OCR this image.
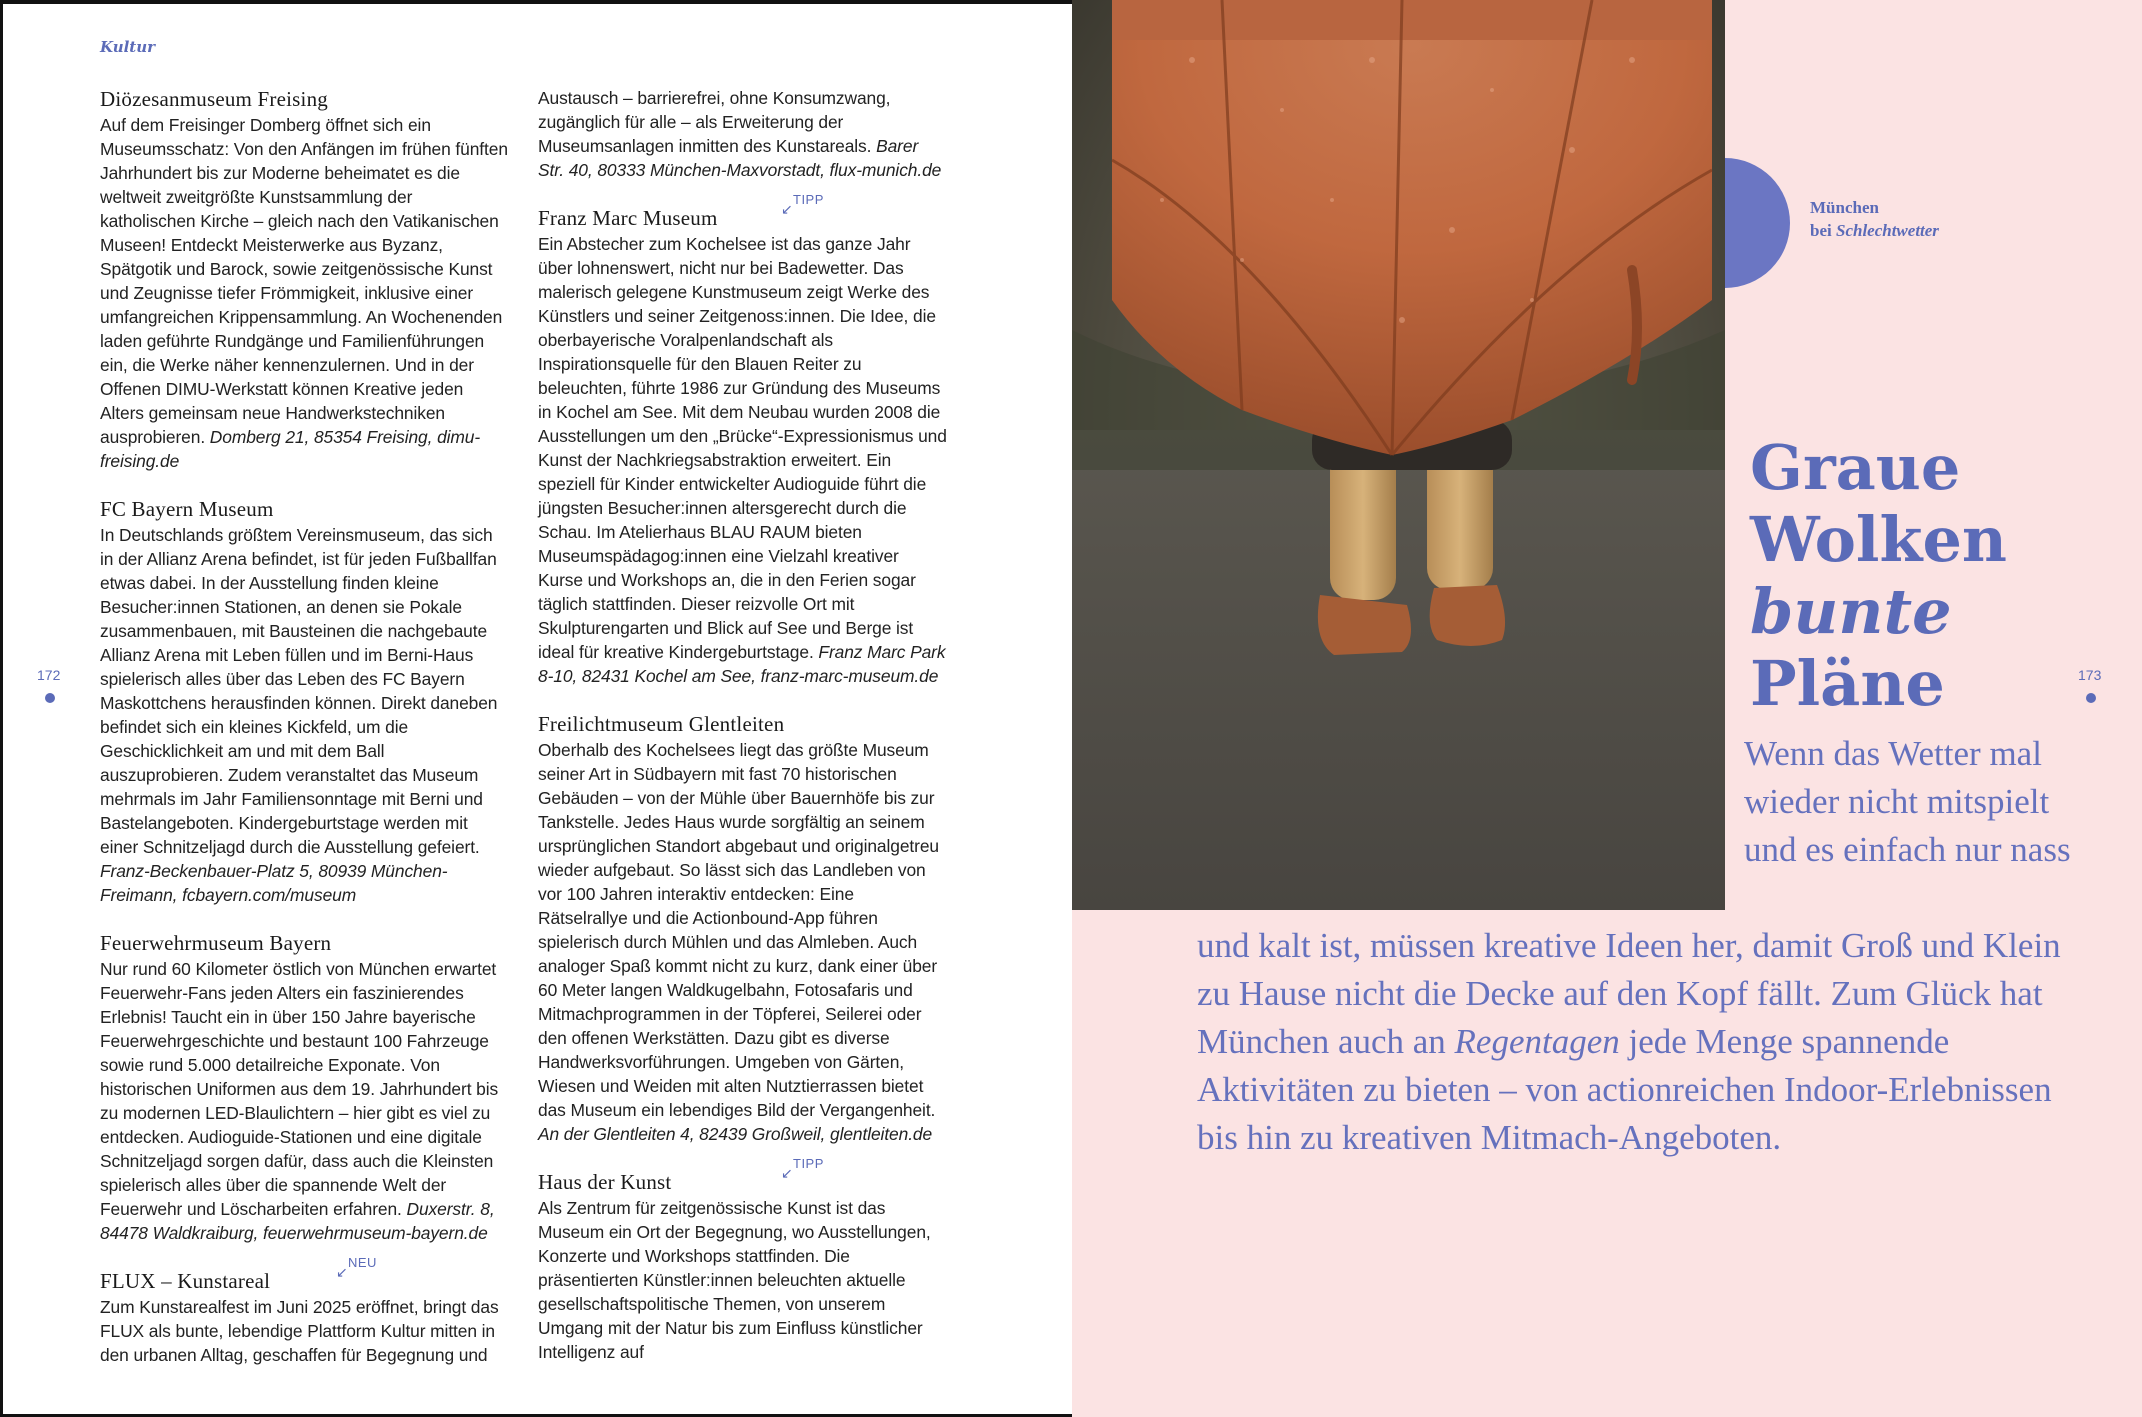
Kultur
Diözesanmuseum Freising

Auf dem Freisinger Domberg öffnet sich ein Museumsschatz: Von den Anfängen im frühen fünften Jahrhundert bis zur Moderne beheimatet es die weltweit zweitgrößte Kunstsammlung der katholischen Kirche – gleich nach den Vatikanischen Museen! Entdeckt Meisterwerke aus Byzanz, Spätgotik und Barock, sowie zeitgenössische Kunst und Zeugnisse tiefer Frömmigkeit, inklusive einer umfangreichen Krippensammlung. An Wochenenden laden geführte Rundgänge und Familienführungen ein, die Werke näher kennenzulernen. Und in der Offenen DIMU-Werkstatt können Kreative jeden Alters gemeinsam neue Handwerkstechniken ausprobieren. Domberg 21, 85354 Freising, dimu-freising.de

FC Bayern Museum

In Deutschlands größtem Vereinsmuseum, das sich in der Allianz Arena befindet, ist für jeden Fußballfan etwas dabei. In der Ausstellung finden kleine Besucher:innen Stationen, an denen sie Pokale zusammenbauen, mit Bausteinen die nachgebaute Allianz Arena mit Leben füllen und im Berni-Haus spielerisch alles über das Leben des FC Bayern Maskottchens herausfinden können. Direkt daneben befindet sich ein kleines Kickfeld, um die Geschicklichkeit am und mit dem Ball auszuprobieren. Zudem veranstaltet das Museum mehrmals im Jahr Familiensonntage mit Berni und Bastelangeboten. Kindergeburtstage werden mit einer Schnitzeljagd durch die Ausstellung gefeiert. Franz-Beckenbauer-Platz 5, 80939 München-Freimann, fcbayern.com/museum

Feuerwehrmuseum Bayern

Nur rund 60 Kilometer östlich von München erwartet Feuerwehr-Fans jeden Alters ein faszinierendes Erlebnis! Taucht ein in über 150 Jahre bayerische Feuerwehrgeschichte und bestaunt 100 Fahrzeuge sowie rund 5.000 detailreiche Exponate. Von historischen Uniformen aus dem 19. Jahrhundert bis zu modernen LED-Blaulichtern – hier gibt es viel zu entdecken. Audioguide-Stationen und eine digitale Schnitzeljagd sorgen dafür, dass auch die Kleinsten spielerisch alles über die spannende Welt der Feuerwehr und Löscharbeiten erfahren. Duxerstr. 8, 84478 Waldkraiburg, feuerwehrmuseum-bayern.de

FLUX – Kunstareal	↙
NEU

Zum Kunstarealfest im Juni 2025 eröffnet, bringt das FLUX als bunte, lebendige Plattform Kultur mitten in den urbanen Alltag, geschaffen für Begegnung und

Austausch – barrierefrei, ohne Konsumzwang, zugänglich für alle – als Erweiterung der Museumsanlagen inmitten des Kunstareals. Barer Str. 40, 80333 München-Maxvorstadt, flux-munich.de

Franz Marc Museum	↙
TIPP

Ein Abstecher zum Kochelsee ist das ganze Jahr über lohnenswert, nicht nur bei Badewetter. Das malerisch gelegene Kunstmuseum zeigt Werke des Künstlers und seiner Zeitgenoss:innen. Die Idee, die oberbayerische Voralpenlandschaft als Inspirationsquelle für den Blauen Reiter zu beleuchten, führte 1986 zur Gründung des Museums in Kochel am See. Mit dem Neubau wurden 2008 die Ausstellungen um den „Brücke“-Expressionismus und Kunst der Nachkriegsabstraktion erweitert. Ein speziell für Kinder entwickelter Audioguide führt die jüngsten Besucher:innen altersgerecht durch die Schau. Im Atelierhaus BLAU RAUM bieten Museumspädagog:innen eine Vielzahl kreativer Kurse und Workshops an, die in den Ferien sogar täglich stattfinden. Dieser reizvolle Ort mit Skulpturengarten und Blick auf See und Berge ist ideal für kreative Kindergeburtstage. Franz Marc Park 8-10, 82431 Kochel am See, franz-marc-museum.de

Freilichtmuseum Glentleiten

Oberhalb des Kochelsees liegt das größte Museum seiner Art in Südbayern mit fast 70 historischen Gebäuden – von der Mühle über Bauernhöfe bis zur Tankstelle. Jedes Haus wurde sorgfältig an seinem ursprünglichen Standort abgebaut und originalgetreu wieder aufgebaut. So lässt sich das Landleben von vor 100 Jahren interaktiv entdecken: Eine Rätselrallye und die Actionbound-App führen spielerisch durch Mühlen und das Almleben. Auch analoger Spaß kommt nicht zu kurz, dank einer über 60 Meter langen Waldkugelbahn, Fotosafaris und Mitmachprogrammen in der Töpferei, Seilerei oder den offenen Werkstätten. Dazu gibt es diverse Handwerksvorführungen. Umgeben von Gärten, Wiesen und Weiden mit alten Nutztierrassen bietet das Museum ein lebendiges Bild der Vergangenheit. An der Glentleiten 4, 82439 Großweil, glentleiten.de

Haus der Kunst	↙
TIPP

Als Zentrum für zeitgenössische Kunst ist das Museum ein Ort der Begegnung, wo Ausstellungen, Konzerte und Workshops stattfinden. Die präsentierten Künstler:innen beleuchten aktuelle gesellschaftspolitische Themen, von unserem Umgang mit der Natur bis zum Einfluss künstlicher Intelligenz auf

172
München
bei Schlechtwetter
Graue
Wolken
bunte
Pläne
Wenn das Wetter mal wieder nicht mitspielt und es einfach nur nass
und kalt ist, müssen kreative Ideen her, damit Groß und Klein zu Hause nicht die Decke auf den Kopf fällt. Zum Glück hat München auch an Regentagen jede Menge spannende Aktivitäten zu bieten – von actionreichen Indoor-Erlebnissen bis hin zu kreativen Mitmach-Angeboten.
173
